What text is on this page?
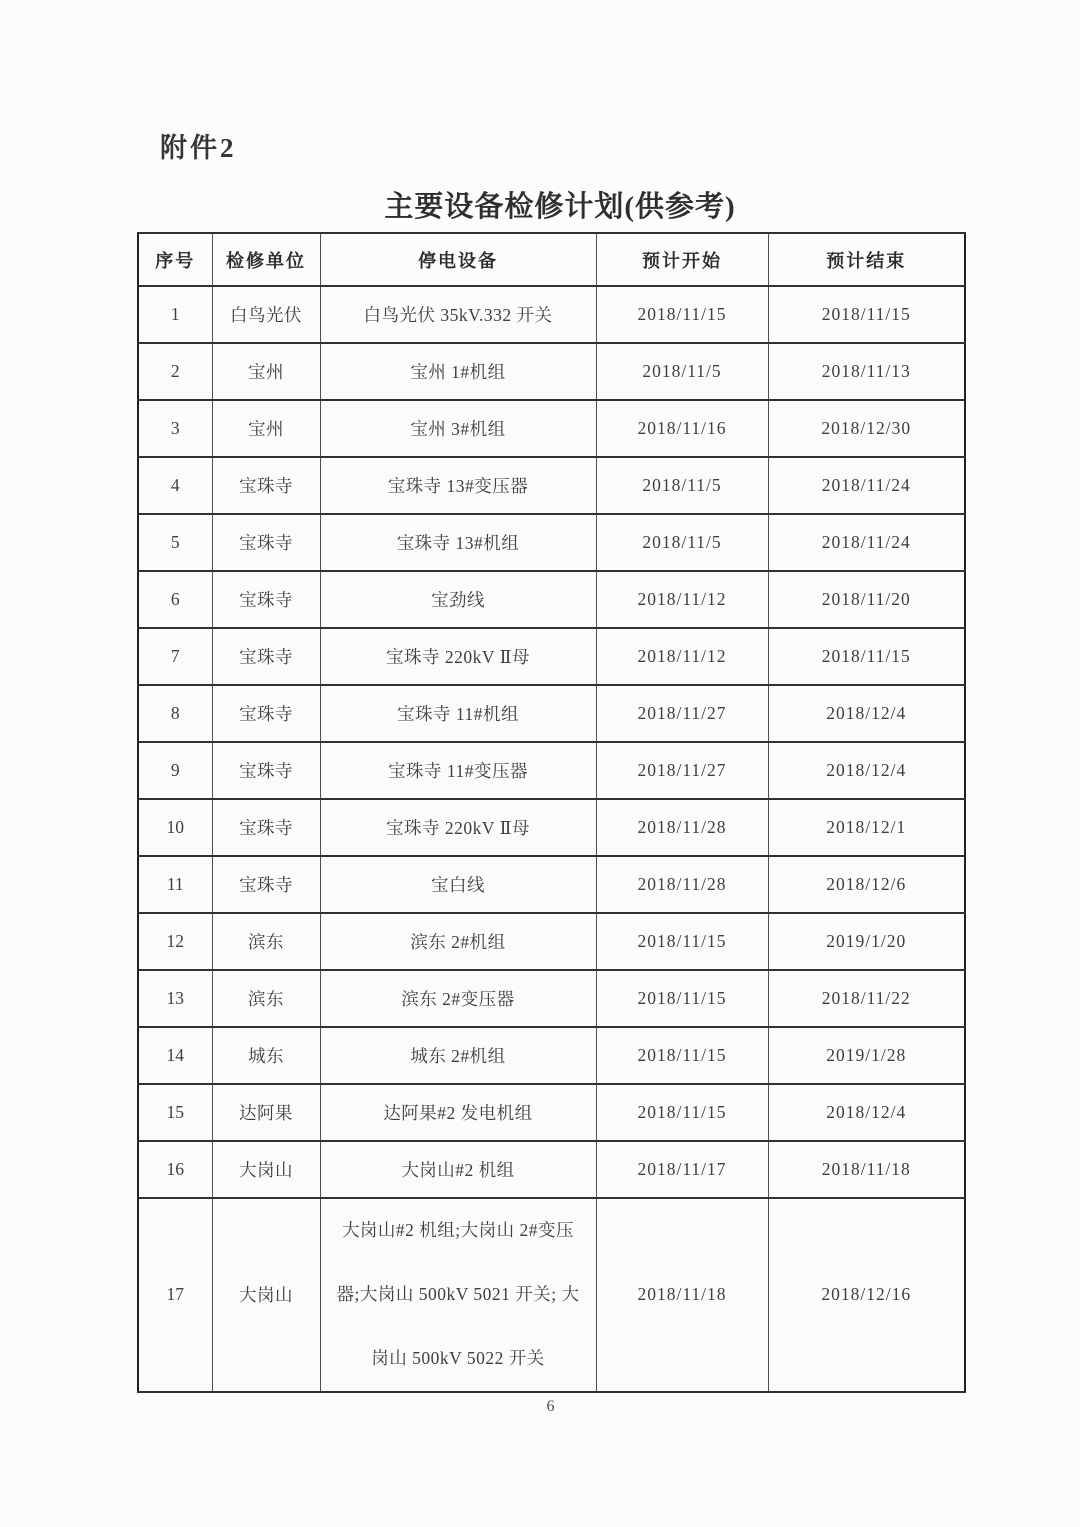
附件2
主要设备检修计划(供参考)
序号	检修单位	停电设备	预计开始	预计结束
1	白鸟光伏	白鸟光伏 35kV.332 开关	2018/11/15	2018/11/15
2	宝州	宝州 1#机组	2018/11/5	2018/11/13
3	宝州	宝州 3#机组	2018/11/16	2018/12/30
4	宝珠寺	宝珠寺 13#变压器	2018/11/5	2018/11/24
5	宝珠寺	宝珠寺 13#机组	2018/11/5	2018/11/24
6	宝珠寺	宝劲线	2018/11/12	2018/11/20
7	宝珠寺	宝珠寺 220kV Ⅱ母	2018/11/12	2018/11/15
8	宝珠寺	宝珠寺 11#机组	2018/11/27	2018/12/4
9	宝珠寺	宝珠寺 11#变压器	2018/11/27	2018/12/4
10	宝珠寺	宝珠寺 220kV Ⅱ母	2018/11/28	2018/12/1
11	宝珠寺	宝白线	2018/11/28	2018/12/6
12	滨东	滨东 2#机组	2018/11/15	2019/1/20
13	滨东	滨东 2#变压器	2018/11/15	2018/11/22
14	城东	城东 2#机组	2018/11/15	2019/1/28
15	达阿果	达阿果#2 发电机组	2018/11/15	2018/12/4
16	大岗山	大岗山#2 机组	2018/11/17	2018/11/18
17	大岗山	大岗山#2 机组;大岗山 2#变压器;大岗山 500kV 5021 开关; 大岗山 500kV 5022 开关	2018/11/18	2018/12/16
6
